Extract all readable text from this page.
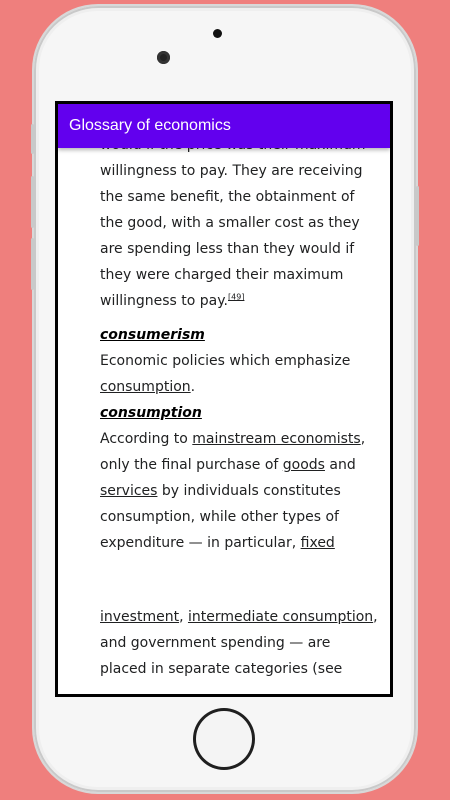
Glossary of economics

willingness to pay. They are receiving
the same benefit, the obtainment of
the good, with a smaller cost as they
are spending less than they would if
they were charged their maximum
willingness to pay.[49]

consumerism

Economic policies which emphasize
consumption.

consumption

According to mainstream economists,
only the final purchase of goods and
services by individuals constitutes
consumption, while other types of
expenditure — in particular, fixed

investment, intermediate consumption,
and government spending — are
placed in separate categories (see
